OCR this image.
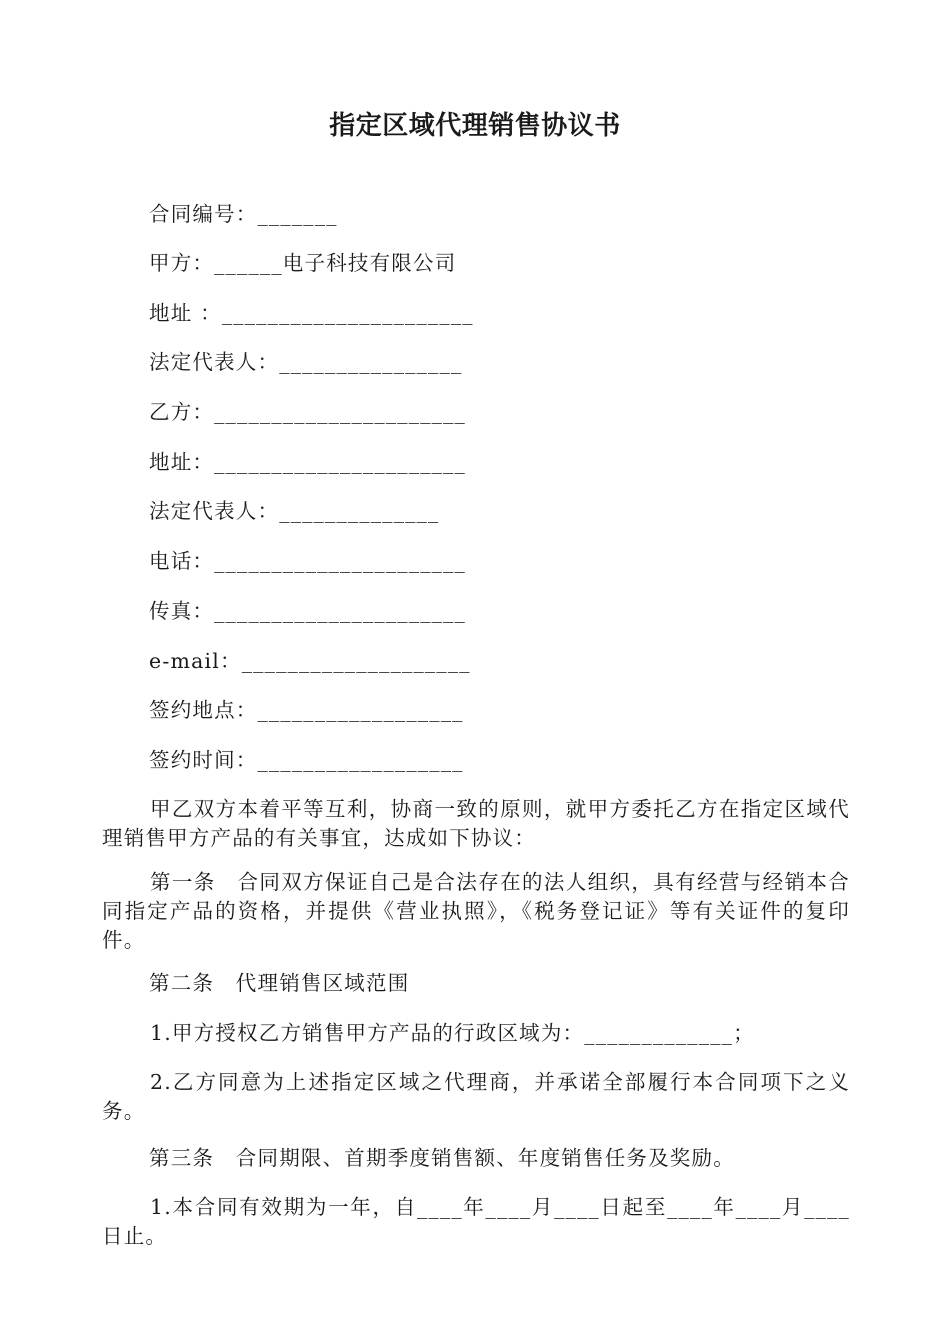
指定区域代理销售协议书
合同编号：_______
甲方：______电子科技有限公司
地址 ：______________________
法定代表人：________________
乙方：______________________
地址：______________________
法定代表人：______________
电话：______________________
传真：______________________
e-mail：____________________
签约地点：__________________
签约时间：__________________
甲乙双方本着平等互利，协商一致的原则，就甲方委托乙方在指定区域代理销售甲方产品的有关事宜，达成如下协议：
第一条　合同双方保证自己是合法存在的法人组织，具有经营与经销本合同指定产品的资格，并提供《营业执照》，《税务登记证》等有关证件的复印件。
第二条　代理销售区域范围
1.甲方授权乙方销售甲方产品的行政区域为：_____________；
2.乙方同意为上述指定区域之代理商，并承诺全部履行本合同项下之义务。
第三条　合同期限、首期季度销售额、年度销售任务及奖励。
1.本合同有效期为一年，自____年____月____日起至____年____月____日止。
